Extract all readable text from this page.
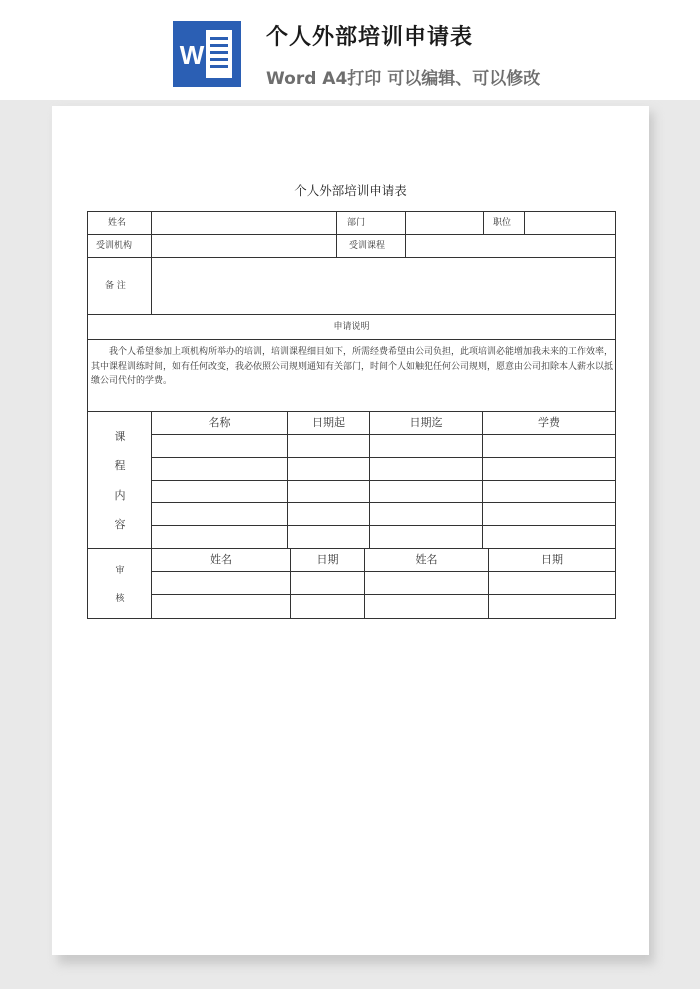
W
个人外部培训申请表
Word A4打印 可以编辑、可以修改
个人外部培训申请表
姓名	部门	职位
受训机构	受训课程
备 注
申请说明
我个人希望参加上项机构所举办的培训，培训课程细目如下，所需经费希望由公司负担，此项培训必能增加我未来的工作效率，其中课程训练时间，如有任何改变，我必依照公司规则通知有关部门，时间个人如触犯任何公司规则，愿意由公司扣除本人薪水以抵缴公司代付的学费。
课
程
内
容
名称	日期起	日期迄	学费
审
核
姓名	日期	姓名	日期
